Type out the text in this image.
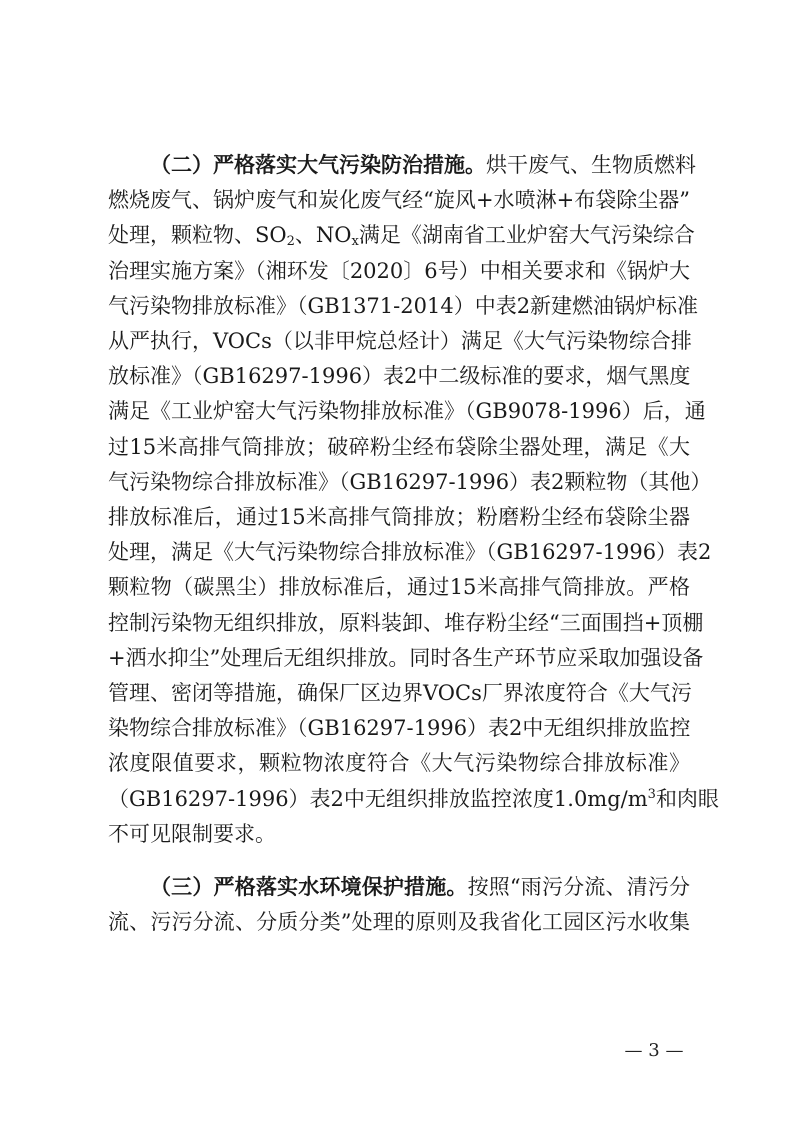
（二）严格落实大气污染防治措施。烘干废气、生物质燃料
燃烧废气、锅炉废气和炭化废气经“旋风+水喷淋+布袋除尘器”
处理，颗粒物、$SO_2$、$NO_x$满足《湖南省工业炉窑大气污染综合
治理实施方案》（湘环发〔2020〕6号）中相关要求和《锅炉大
气污染物排放标准》（GB1371-2014）中表2新建燃油锅炉标准
从严执行，VOCs（以非甲烷总烃计）满足《大气污染物综合排
放标准》（GB16297-1996）表2中二级标准的要求，烟气黑度
满足《工业炉窑大气污染物排放标准》（GB9078-1996）后，通
过15米高排气筒排放；破碎粉尘经布袋除尘器处理，满足《大
气污染物综合排放标准》（GB16297-1996）表2颗粒物（其他）
排放标准后，通过15米高排气筒排放；粉磨粉尘经布袋除尘器
处理，满足《大气污染物综合排放标准》（GB16297-1996）表2
颗粒物（碳黑尘）排放标准后，通过15米高排气筒排放。严格
控制污染物无组织排放，原料装卸、堆存粉尘经“三面围挡+顶棚
+洒水抑尘”处理后无组织排放。同时各生产环节应采取加强设备
管理、密闭等措施，确保厂区边界VOCs厂界浓度符合《大气污
染物综合排放标准》（GB16297-1996）表2中无组织排放监控
浓度限值要求，颗粒物浓度符合《大气污染物综合排放标准》
（GB16297-1996）表2中无组织排放监控浓度$1.0mg/m^3$和肉眼
不可见限制要求。

（三）严格落实水环境保护措施。按照“雨污分流、清污分
流、污污分流、分质分类”处理的原则及我省化工园区污水收集

— 3 —
